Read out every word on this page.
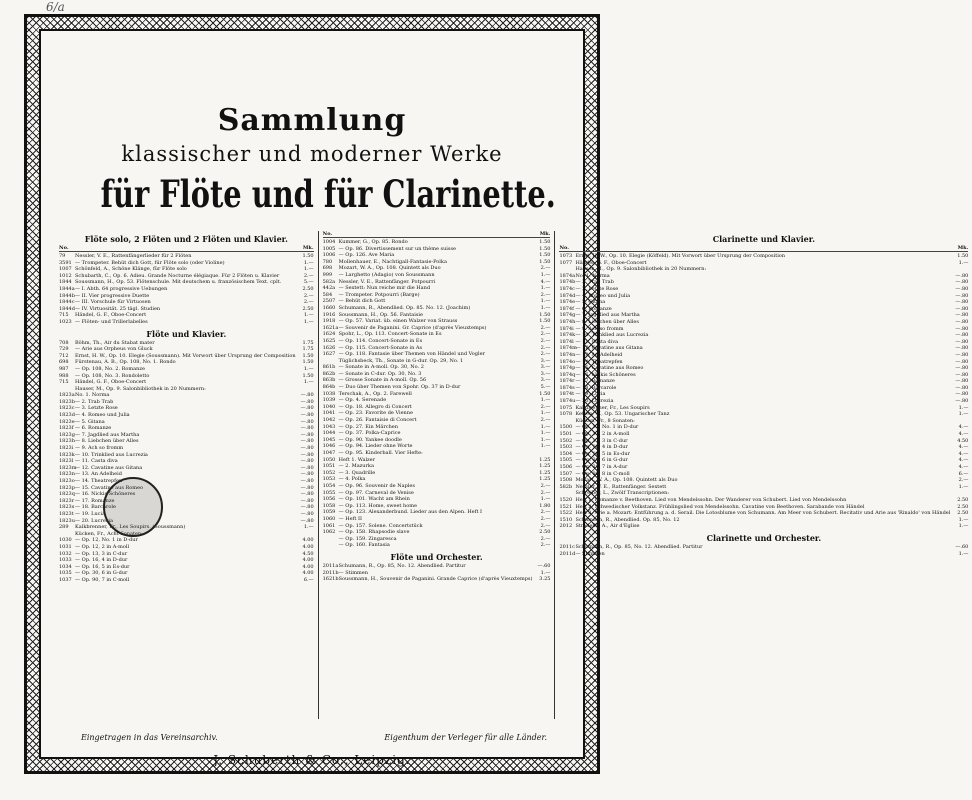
6/a
Sammlung
klassischer und moderner Werke
für Flöte und für Clarinette.
Flöte solo, 2 Flöten und 2 Flöten und Klavier.
No.	Mk.
79	Nessler, V. E., Rattenfängerlieder für 2 Flöten	1.50
3591 — Trompeter. Behüt dich Gott, für Flöte solo (oder Violine)	1.—
1007 Schönfeld, A., Schöne Klänge, für Flöte solo	1.—
1012 Schubarth, C., Op. 6. Adieu. Grande Nocturne élégiaque. Für 2 Flöten u. Klavier	2.—
1844 Soussmann, H., Op. 53. Flötenschule. Mit deutschem u. französischem Text. cplt.	5.—
1844a — I. Abth. 64 progressive Uebungen	2.50
1844b — II. Vier progressive Duette	2.—
1844c — III. Vorschule für Virtuosen	2.—
1844d — IV. Virtuosität. 25 tägl. Studien	2.50
715	Händel, G. F., Oboe-Concert	1.—
1023 — Flöten- und Trillerlabelles	1.—
Flöte und Klavier.
708	Böhm, Th., Air du Stabat mater	1.75
729	— Arie aus Orpheus von Gluck	1.75
712	Ernst, H. W., Op. 10. Elegie (Soussmann). Mit Vorwort über Ursprung der Composition	1.50
698	Fürstenau, A. B., Op. 108, No. 1. Rondo	1.50
987	— Op. 108, No. 2. Romanze	1.—
988	— Op. 108, No. 3. Rondoletto	1.50
715	Händel, G. F., Oboe-Concert	1.—
Hauser, M., Op. 9. Salonbibliothek in 20 Nummern:
1823a No. 1. Norma	—.80
1823b — 2. Trab Trab	—.80
1823c — 3. Letzte Rose	—.80
1823d — 4. Romeo und Julia	—.80
1823e — 5. Gitana	—.80
1823f — 6. Romanze	—.80
1823g — 7. Jagdlied aus Martha	—.80
1823h — 8. Liebchen über Alles	—.80
1823i — 9. Ach so fromm	—.80
1823k — 10. Trinklied aus Lucrezia	—.80
1823l — 11. Casta diva	—.80
1823m
— 12. Cavatine aus Gitana	—.80
1823n — 13. An Adelheid	—.80
1823o — 14. Theatrepfen	—.80
1823p — 15. Cavatine aus Romeo	—.80
1823q — 16. Nickis Schöneres	—.80
1823r — 17. Romanze	—.80
1823s — 18. Barcarole	—.80
1823t — 19. Lucia	—.80
1823u — 20. Lucrezia	—.80
289	Kalkbrenner, Fr., Les Soupirs. (Soussmann)	1.—
Kücken, Fr., Acht Sonaten:
1030 — Op. 12, No. 1 in D-dur	4.00
1031 — Op. 12, 2 in A-moll	4.00
1032 — Op. 13, 3 in C-dur	4.50
1033 — Op. 16, 4 in D-dur	4.00
1034 — Op. 16, 5 in Es-dur	4.00
1035 — Op. 30, 6 in G-dur	4.00
1037 — Op. 90, 7 in C-moll	6.—
No.	Mk.
1004 Kummer, G., Op. 85. Rondo	1.50
1005 — Op. 86. Divertissement sur un thème suisse	1.50
1006 — Op. 126. Ave Maria	1.50
780	Mollenhauer, E., Nachtigall-Fantasie-Polka	1.50
698	Mozart, W. A., Op. 108. Quintett als Duo	2.—
999	— Larghetto (Adagio) von Soussmann	1.—
582a Nessler, V. E., Rattenfänger. Potpourri	4.—
442a — Sextett: Nun reiche mir die Hand	1.—
584	— Trompeter. Potpourri (Barge)	2.—
2507 — Behüt dich Gott	1.—
1660 Schumann, R., Abendlied. Op. 85. No. 12. (Joachim)	1.—
1916 Soussmann, H., Op. 56. Fantaisie	1.50
1918 — Op. 57. Variat. üb. einen Walzer von Strauss	1.50
1621a — Souvenir de Paganini. Gr. Caprice (d'après Vieuxtemps)	2.—
1624 Spohr, L., Op. 113. Concert-Sonate in Es	2.—
1625 — Op. 114. Concert-Sonate in Es	2.—
1626 — Op. 115. Concert-Sonate in As	2.—
1627 — Op. 118. Fantasie über Themen von Händel und Vogler	2.—
Tüglichsbeck, Th., Sonate in G-dur. Op. 29, No. 1	3.—
861b — Sonate in A-moll. Op. 30, No. 2	3.—
862b — Sonate in C-dur. Op. 30, No. 3	3.—
863b — Grosse Sonate in A-moll. Op. 56	3.—
864b — Duo über Themen von Spohr. Op. 37 in D-dur	5.—
1038 Terschak, A., Op. 2. Farewell	1.50
1039 — Op. 4. Serenade	1.—
1040 — Op. 18. Allegro di Concert	2.—
1041 — Op. 23. Favorite de Vienne	1.—
1042 — Op. 26. Fantaisie di Concert	2.—
1043 — Op. 27. Ein Märchen	1.—
1044 — Op. 37. Polka-Caprice	1.—
1045 — Op. 90. Yankee doodle	1.—
1046 — Op. 94. Lieder ohne Worte	1.—
1047 — Op. 95. Kinderball. Vier Hefte:
1050 Heft 1. Walzer	1.25
1051 — 2. Mazurka	1.25
1052 — 3. Quadrille	1.25
1053 — 4. Polka	1.25
1054 — Op. 96. Souvenir de Naples	2.—
1055 — Op. 97. Carneval de Venise	2.—
1056 — Op. 101. Wacht am Rhein	1.—
1058 — Op. 113. Home, sweet home	1.80
1059 — Op. 123. Alexanderbund. Lieder aus den Alpen. Heft I	2.—
1060 — Heft II	2.—
1061 — Op. 157. Solene. Concertstück	2.—
1062 — Op. 158. Rhapsodie slave	2.50
— Op. 159. Zingaresca	2.—
— Op. 160. Fantasia	2.—
Flöte und Orchester.
2011a Schumann, R., Op. 85, No. 12. Abendlied. Partitur	—.60
2011b — Stimmen	1.—
1621b Soussmann, H., Souvenir de Paganini. Grande Caprice (d'après Vieuxtemps)	3.25
Clarinette und Klavier.
No.	Mk.
1073 Ernst, H. W., Op. 10. Elegie (Köffeld). Mit Vorwort über Ursprung der Composition	1.50
1077 Händel, G. F., Oboe-Concert	1.—
Hauser, M., Op. 9. Salonbibliothek in 20 Nummern:
1874a No. 1. Norma	—.80
1874b — 2. Trab Trab	—.80
1874c — 3. Letzte Rose	—.80
1874d — 4. Romeo und Julia	—.80
1874e — 5. Gitana	—.80
1874f — 6. Romanze	—.80
1874g — 7. Jagdlied aus Martha	—.80
1874h — 8. Liebchen über Alles	—.80
1874i — 9. Ach so fromm	—.80
1874k — 10. Trinklied aus Lucrezia	—.80
1874l — 11. Casta diva	—.80
1874m
— 12. Cavatine aus Gitana	—.80
1874n — 13. An Adelheid	—.80
1874o — 14. Theatrepfen	—.80
1874p — 15. Cavatine aus Romeo	—.80
1874q — 16. Nickis Schöneres	—.80
1874r — 17. Romanze	—.80
1874s — 18. Barcarole	—.80
1874t — 19. Lucia	—.80
1874u — 20. Lucrezia	—.80
1075 Kalkbrenner, Fr., Les Soupirs	1.—
1078 Ketten, W., Op. 53. Ungarischer Tanz	1.—
Kücken, Fr., 8 Sonaten:
1500 — Op. 12, No. 1 in D-dur	4.—
1501 — Op. 12, 2 in A-moll	4.—
1502 — Op. 13, 3 in C-dur	4.50
1503 — Op. 16, 4 in D-dur	4.—
1504 — Op. 16, 5 in Es-dur	4.—
1505 — Op. 30, 6 in G-dur	4.—
1506 — Op. 30, 7 in A-dur	4.—
1507 — Op. 90, 8 in C-moll	6.—
1508 Mozart, W. A., Op. 108. Quintett als Duo	2.—
582b Nessler, V. E., Rattenfänger. Sextett	1.—
Schreiber, L., Zwölf Transcriptionen:
1520 Heft 1. Romanze v. Beethoven. Lied von Mendelssohn. Der Wanderer von Schubert. Lied von Mendelssohn	2.50
1521 Heft 2. Schwedischer Volkstanz. Frühlingslied von Mendelssohn. Cavatine von Beethoven. Sarabande von Händel	2.50
1522 Heft 3. Arie a. Mozart: Entführung a. d. Serail. Die Lotosblume von Schumann. Am Meer von Schubert. Recitativ und Arie aus 'Rinaldo' von Händel	2.50
1510 Schumann, R., Abendlied. Op. 85, No. 12	1.—
2012 Stradella, A., Air d'Eglise	1.—
Clarinette und Orchester.
2011c Schumann, R., Op. 85, No. 12. Abendlied. Partitur	—.60
2011d — Stimmen	1.—
Eingetragen in das Vereinsarchiv.	Eigenthum der Verleger für alle Länder.
J. Schuberth & Co., Leipzig.
